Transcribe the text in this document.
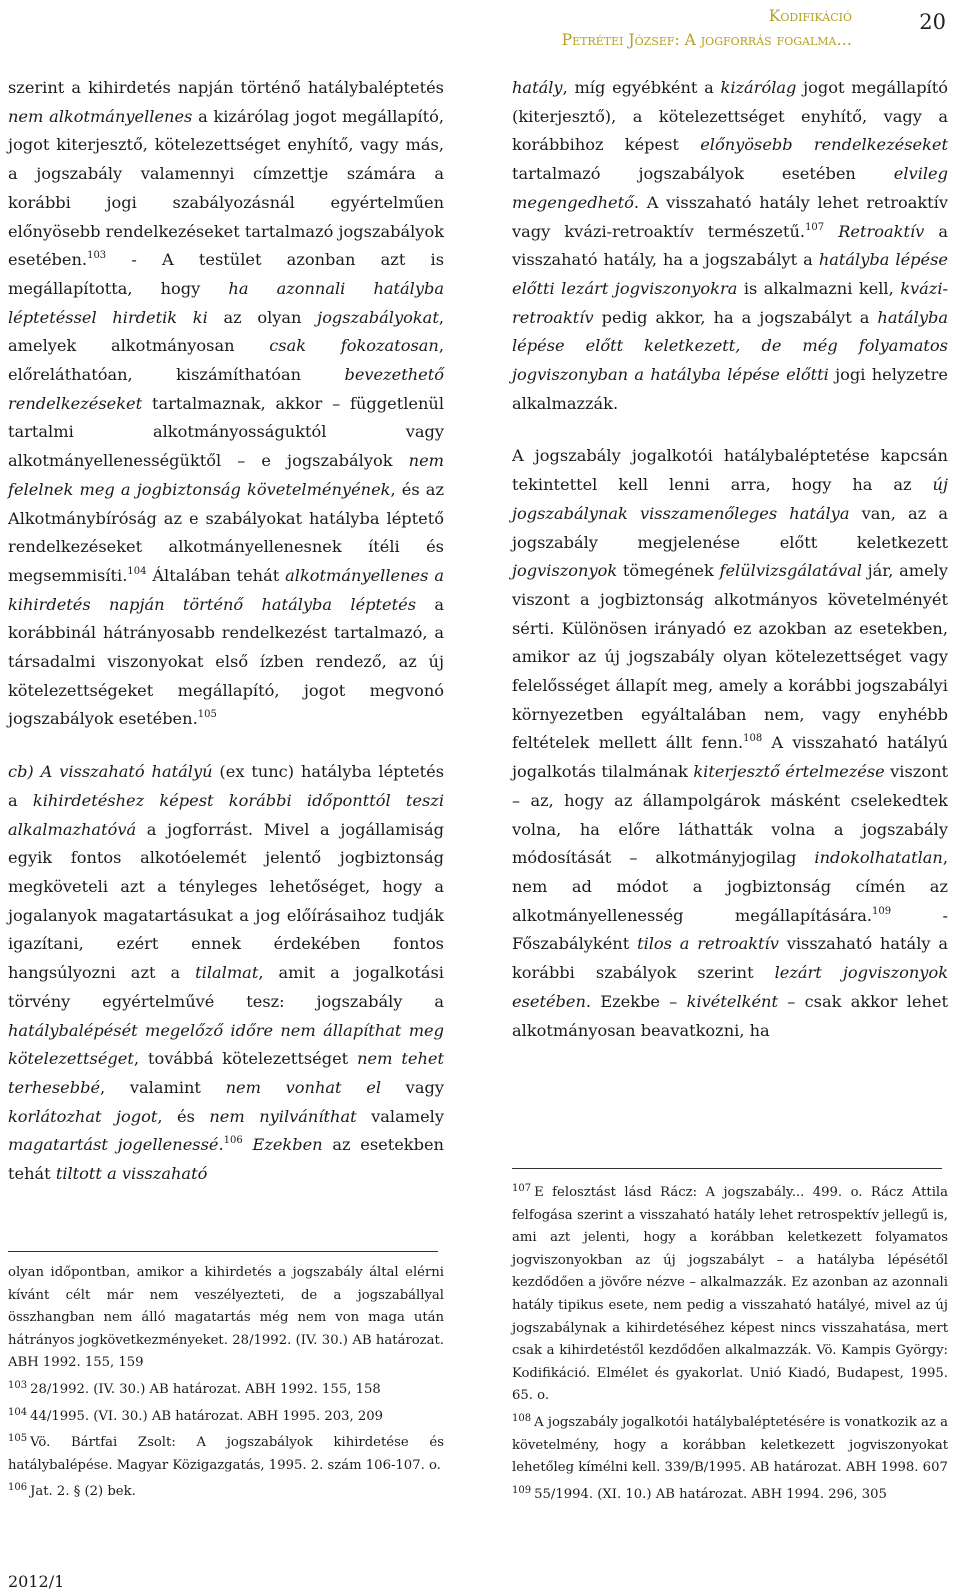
Kodifikáció
Petrétei József: A jogforrás fogalma…
20

szerint a kihirdetés napján történő hatálybaléptetés nem alkotmányellenes a kizárólag jogot megállapító, jogot kiterjesztő, kötelezettséget enyhítő, vagy más, a jogszabály valamennyi címzettje számára a korábbi jogi szabályozásnál egyértelműen előnyösebb rendelkezéseket tartalmazó jogszabályok esetében.$^{103}$ - A testület azonban azt is megállapította, hogy ha azonnali hatályba léptetéssel hirdetik ki az olyan jogszabályokat, amelyek alkotmányosan csak fokozatosan, előreláthatóan, kiszámíthatóan bevezethető rendelkezéseket tartalmaznak, akkor – függetlenül tartalmi alkotmányosságuktól vagy alkotmányellenességüktől – e jogszabályok nem felelnek meg a jogbiztonság követelményének, és az Alkotmánybíróság az e szabályokat hatályba léptető rendelkezéseket alkotmányellenesnek ítéli és megsemmisíti.$^{104}$ Általában tehát alkotmányellenes a kihirdetés napján történő hatályba léptetés a korábbinál hátrányosabb rendelkezést tartalmazó, a társadalmi viszonyokat első ízben rendező, az új kötelezettségeket megállapító, jogot megvonó jogszabályok esetében.$^{105}$

cb) A visszaható hatályú (ex tunc) hatályba léptetés a kihirdetéshez képest korábbi időponttól teszi alkalmazhatóvá a jogforrást. Mivel a jogállamiság egyik fontos alkotóelemét jelentő jogbiztonság megköveteli azt a tényleges lehetőséget, hogy a jogalanyok magatartásukat a jog előírásaihoz tudják igazítani, ezért ennek érdekében fontos hangsúlyozni azt a tilalmat, amit a jogalkotási törvény egyértelművé tesz: jogszabály a hatálybalépését megelőző időre nem állapíthat meg kötelezettséget, továbbá kötelezettséget nem tehet terhesebbé, valamint nem vonhat el vagy korlátozhat jogot, és nem nyilváníthat valamely magatartást jogellenessé.$^{106}$ Ezekben az esetekben tehát tiltott a visszaható

hatály, míg egyébként a kizárólag jogot megállapító (kiterjesztő), a kötelezettséget enyhítő, vagy a korábbihoz képest előnyösebb rendelkezéseket tartalmazó jogszabályok esetében elvileg megengedhető. A visszaható hatály lehet retroaktív vagy kvázi-retroaktív természetű.$^{107}$ Retroaktív a visszaható hatály, ha a jogszabályt a hatályba lépése előtti lezárt jogviszonyokra is alkalmazni kell, kvázi-retroaktív pedig akkor, ha a jogszabályt a hatályba lépése előtt keletkezett, de még folyamatos jogviszonyban a hatályba lépése előtti jogi helyzetre alkalmazzák.

A jogszabály jogalkotói hatálybaléptetése kapcsán tekintettel kell lenni arra, hogy ha az új jogszabálynak visszamenőleges hatálya van, az a jogszabály megjelenése előtt keletkezett jogviszonyok tömegének felülvizsgálatával jár, amely viszont a jogbiztonság alkotmányos követelményét sérti. Különösen irányadó ez azokban az esetekben, amikor az új jogszabály olyan kötelezettséget vagy felelősséget állapít meg, amely a korábbi jogszabályi környezetben egyáltalában nem, vagy enyhébb feltételek mellett állt fenn.$^{108}$ A visszaható hatályú jogalkotás tilalmának kiterjesztő értelmezése viszont – az, hogy az állampolgárok másként cselekedtek volna, ha előre láthatták volna a jogszabály módosítását – alkotmányjogilag indokolhatatlan, nem ad módot a jogbiztonság címén az alkotmányellenesség megállapítására.$^{109}$ - Főszabályként tilos a retroaktív visszaható hatály a korábbi szabályok szerint lezárt jogviszonyok esetében. Ezekbe – kivételként – csak akkor lehet alkotmányosan beavatkozni, ha

olyan időpontban, amikor a kihirdetés a jogszabály által elérni kívánt célt már nem veszélyezteti, de a jogszabállyal összhangban nem álló magatartás még nem von maga után hátrányos jogkövetkezményeket. 28/1992. (IV. 30.) AB határozat. ABH 1992. 155, 159

$^{103}$ 28/1992. (IV. 30.) AB határozat. ABH 1992. 155, 158

$^{104}$ 44/1995. (VI. 30.) AB határozat. ABH 1995. 203, 209

$^{105}$ Vö. Bártfai Zsolt: A jogszabályok kihirdetése és hatálybalépése. Magyar Közigazgatás, 1995. 2. szám 106-107. o.

$^{106}$ Jat. 2. § (2) bek.

$^{107}$ E felosztást lásd Rácz: A jogszabály... 499. o. Rácz Attila felfogása szerint a visszaható hatály lehet retrospektív jellegű is, ami azt jelenti, hogy a korábban keletkezett folyamatos jogviszonyokban az új jogszabályt – a hatályba lépésétől kezdődően a jövőre nézve – alkalmazzák. Ez azonban az azonnali hatály tipikus esete, nem pedig a visszaható hatályé, mivel az új jogszabálynak a kihirdetéséhez képest nincs visszahatása, mert csak a kihirdetéstől kezdődően alkalmazzák. Vö. Kampis György: Kodifikáció. Elmélet és gyakorlat. Unió Kiadó, Budapest, 1995. 65. o.

$^{108}$ A jogszabály jogalkotói hatálybaléptetésére is vonatkozik az a követelmény, hogy a korábban keletkezett jogviszonyokat lehetőleg kímélni kell. 339/B/1995. AB határozat. ABH 1998. 607

$^{109}$ 55/1994. (XI. 10.) AB határozat. ABH 1994. 296, 305

2012/1
